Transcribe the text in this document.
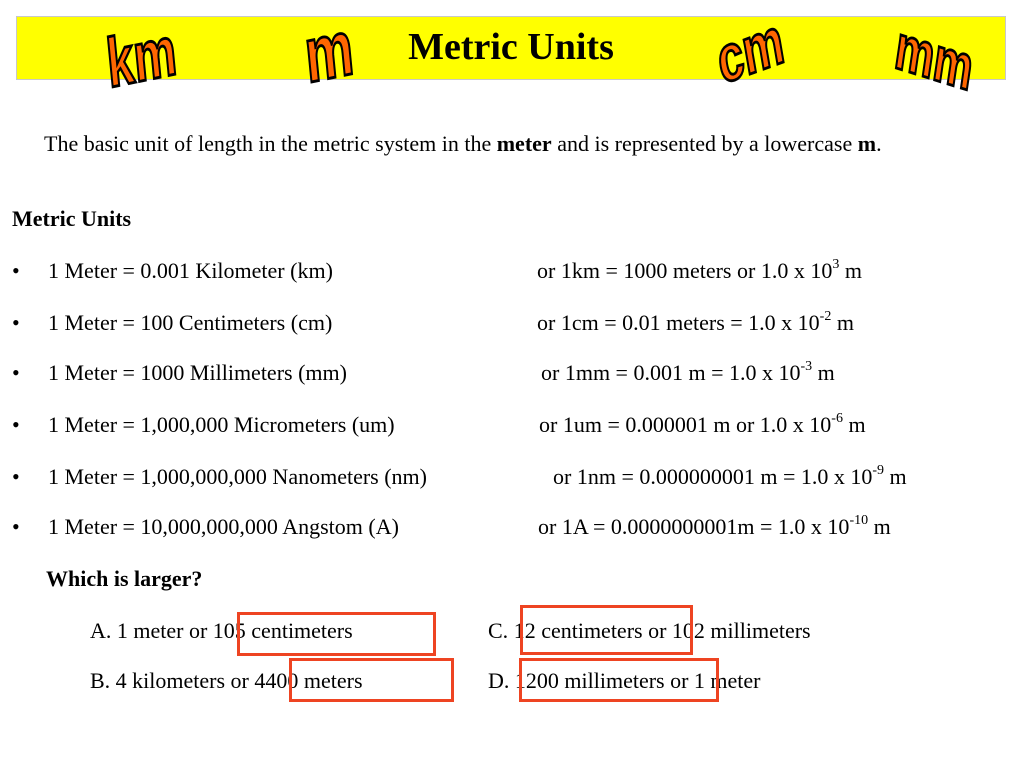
km m	Metric Units	cm mm
The basic unit of length in the metric system in the meter and is represented by a lowercase m.
Metric Units
• 1 Meter = 0.001 Kilometer (km)	or 1km = 1000 meters or 1.0 x $10^3$ m
• 1 Meter = 100 Centimeters (cm)	or 1cm = 0.01 meters = 1.0 x $10^{-2}$ m
• 1 Meter = 1000 Millimeters (mm)	or 1mm = 0.001 m = 1.0 x $10^{-3}$ m
• 1 Meter = 1,000,000 Micrometers (um)	or 1um = 0.000001 m or 1.0 x $10^{-6}$ m
• 1 Meter = 1,000,000,000 Nanometers (nm)	or 1nm = 0.000000001 m = 1.0 x $10^{-9}$ m
• 1 Meter = 10,000,000,000 Angstom (A)	or 1A = 0.0000000001m = 1.0 x $10^{-10}$ m
Which is larger?
A. 1 meter or 105 centimeters	C. 12 centimeters or 102 millimeters
B. 4 kilometers or 4400 meters	D. 1200 millimeters or 1 meter
